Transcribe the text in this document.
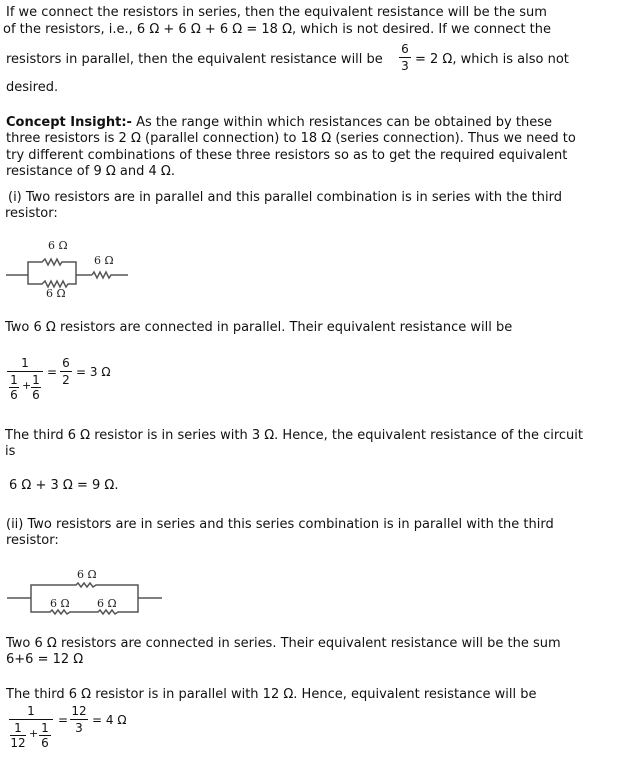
If we connect the resistors in series, then the equivalent resistance will be the sum
of the resistors, i.e., 6 Ω + 6 Ω + 6 Ω = 18 Ω, which is not desired. If we connect the
resistors in parallel, then the equivalent resistance will be
6
3 = 2 Ω, which is also not
desired.
Concept Insight:- As the range within which resistances can be obtained by these
three resistors is 2 Ω (parallel connection) to 18 Ω (series connection). Thus we need to
try different combinations of these three resistors so as to get the required equivalent
resistance of 9 Ω and 4 Ω.
(i) Two resistors are in parallel and this parallel combination is in series with the third
resistor:
6 Ω
6 Ω
6 Ω
Two 6 Ω resistors are connected in parallel. Their equivalent resistance will be
1
1
6
+ 1
6
=
6
2
= 3 Ω
The third 6 Ω resistor is in series with 3 Ω. Hence, the equivalent resistance of the circuit
is
6 Ω + 3 Ω = 9 Ω.
(ii) Two resistors are in series and this series combination is in parallel with the third
resistor:
6 Ω
6 Ω 6 Ω
Two 6 Ω resistors are connected in series. Their equivalent resistance will be the sum
6+6 = 12 Ω
The third 6 Ω resistor is in parallel with 12 Ω. Hence, equivalent resistance will be
1
1
12
+ 1
6
=
12
3
= 4 Ω
